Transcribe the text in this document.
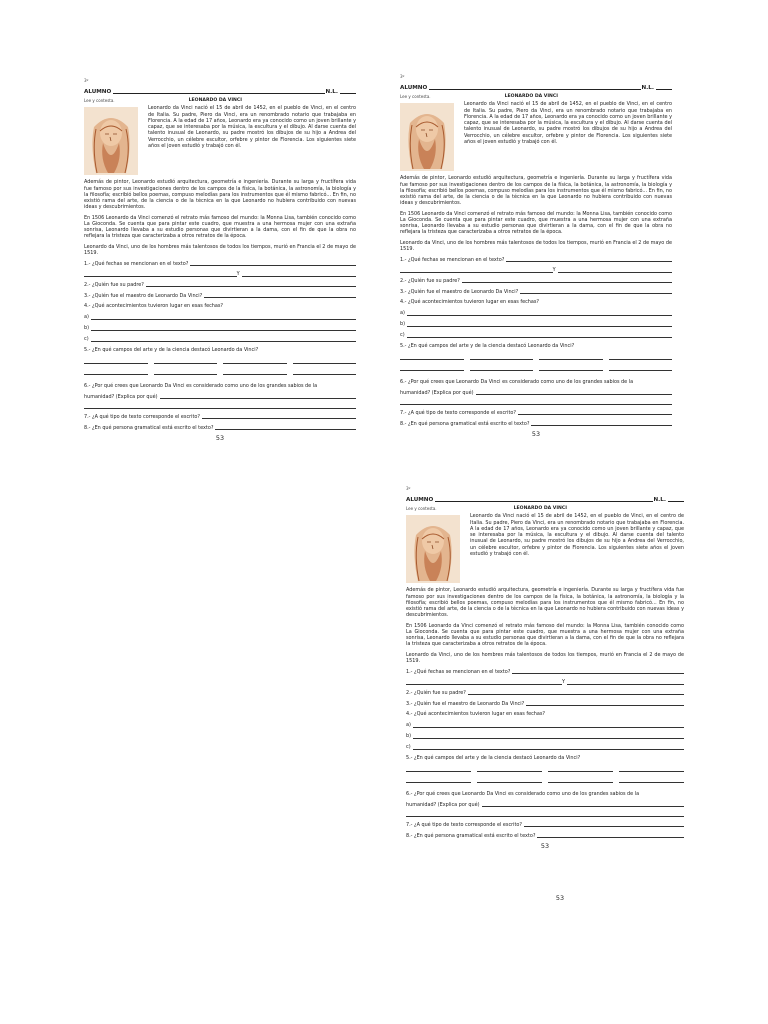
3º
ALUMNO	N.L.
Lee y contesta.	LEONARDO DA VINCI

Leonardo da Vinci nació el 15 de abril de 1452, en el pueblo de Vinci, en el centro de Italia. Su padre, Piero da Vinci, era un renombrado notario que trabajaba en Florencia. A la edad de 17 años, Leonardo era ya conocido como un joven brillante y capaz, que se interesaba por la música, la escultura y el dibujo. Al darse cuenta del talento inusual de Leonardo, su padre mostró los dibujos de su hijo a Andrea del Verrocchio, un célebre escultor, orfebre y pintor de Florencia. Los siguientes siete años el joven estudió y trabajó con él.

Además de pintor, Leonardo estudió arquitectura, geometría e ingeniería. Durante su larga y fructífera vida fue famoso por sus investigaciones dentro de los campos de la física, la botánica, la astronomía, la biología y la filosofía; escribió bellos poemas, compuso melodías para los instrumentos que él mismo fabricó... En fin, no existió rama del arte, de la ciencia o de la técnica en la que Leonardo no hubiera contribuido con nuevas ideas y descubrimientos.

En 1506 Leonardo da Vinci comenzó el retrato más famoso del mundo: la Monna Lisa, también conocido como La Gioconda. Se cuenta que para pintar este cuadro, que muestra a una hermosa mujer con una extraña sonrisa, Leonardo llevaba a su estudio personas que divirtieran a la dama, con el fin de que la obra no reflejara la tristeza que caracterizaba a otros retratos de la época.

Leonardo da Vinci, uno de los hombres más talentosos de todos los tiempos, murió en Francia el 2 de mayo de 1519.

1.- ¿Qué fechas se mencionan en el texto?
Y
2.- ¿Quién fue su padre?
3.- ¿Quién fue el maestro de Leonardo Da Vinci?
4.- ¿Qué acontecimientos tuvieron lugar en esas fechas?
a)
b)
c)
5.- ¿En qué campos del arte y de la ciencia destacó Leonardo da Vinci?
6.- ¿Por qué crees que Leonardo Da Vinci es considerado como uno de los grandes sabios de la
humanidad? (Explica por qué)
7.- ¿A qué tipo de texto corresponde el escrito?
8.- ¿En qué persona gramatical está escrito el texto?
53
3º
ALUMNO	N.L.
Lee y contesta.	LEONARDO DA VINCI

Leonardo da Vinci nació el 15 de abril de 1452, en el pueblo de Vinci, en el centro de Italia. Su padre, Piero da Vinci, era un renombrado notario que trabajaba en Florencia. A la edad de 17 años, Leonardo era ya conocido como un joven brillante y capaz, que se interesaba por la música, la escultura y el dibujo. Al darse cuenta del talento inusual de Leonardo, su padre mostró los dibujos de su hijo a Andrea del Verrocchio, un célebre escultor, orfebre y pintor de Florencia. Los siguientes siete años el joven estudió y trabajó con él.

Además de pintor, Leonardo estudió arquitectura, geometría e ingeniería. Durante su larga y fructífera vida fue famoso por sus investigaciones dentro de los campos de la física, la botánica, la astronomía, la biología y la filosofía; escribió bellos poemas, compuso melodías para los instrumentos que él mismo fabricó... En fin, no existió rama del arte, de la ciencia o de la técnica en la que Leonardo no hubiera contribuido con nuevas ideas y descubrimientos.

En 1506 Leonardo da Vinci comenzó el retrato más famoso del mundo: la Monna Lisa, también conocido como La Gioconda. Se cuenta que para pintar este cuadro, que muestra a una hermosa mujer con una extraña sonrisa, Leonardo llevaba a su estudio personas que divirtieran a la dama, con el fin de que la obra no reflejara la tristeza que caracterizaba a otros retratos de la época.

Leonardo da Vinci, uno de los hombres más talentosos de todos los tiempos, murió en Francia el 2 de mayo de 1519.

1.- ¿Qué fechas se mencionan en el texto?
Y
2.- ¿Quién fue su padre?
3.- ¿Quién fue el maestro de Leonardo Da Vinci?
4.- ¿Qué acontecimientos tuvieron lugar en esas fechas?
a)
b)
c)
5.- ¿En qué campos del arte y de la ciencia destacó Leonardo da Vinci?
6.- ¿Por qué crees que Leonardo Da Vinci es considerado como uno de los grandes sabios de la
humanidad? (Explica por qué)
7.- ¿A qué tipo de texto corresponde el escrito?
8.- ¿En qué persona gramatical está escrito el texto?
53
3º
ALUMNO	N.L.
Lee y contesta.	LEONARDO DA VINCI

Leonardo da Vinci nació el 15 de abril de 1452, en el pueblo de Vinci, en el centro de Italia. Su padre, Piero da Vinci, era un renombrado notario que trabajaba en Florencia. A la edad de 17 años, Leonardo era ya conocido como un joven brillante y capaz, que se interesaba por la música, la escultura y el dibujo. Al darse cuenta del talento inusual de Leonardo, su padre mostró los dibujos de su hijo a Andrea del Verrocchio, un célebre escultor, orfebre y pintor de Florencia. Los siguientes siete años el joven estudió y trabajó con él.

Además de pintor, Leonardo estudió arquitectura, geometría e ingeniería. Durante su larga y fructífera vida fue famoso por sus investigaciones dentro de los campos de la física, la botánica, la astronomía, la biología y la filosofía; escribió bellos poemas, compuso melodías para los instrumentos que él mismo fabricó... En fin, no existió rama del arte, de la ciencia o de la técnica en la que Leonardo no hubiera contribuido con nuevas ideas y descubrimientos.

En 1506 Leonardo da Vinci comenzó el retrato más famoso del mundo: la Monna Lisa, también conocido como La Gioconda. Se cuenta que para pintar este cuadro, que muestra a una hermosa mujer con una extraña sonrisa, Leonardo llevaba a su estudio personas que divirtieran a la dama, con el fin de que la obra no reflejara la tristeza que caracterizaba a otros retratos de la época.

Leonardo da Vinci, uno de los hombres más talentosos de todos los tiempos, murió en Francia el 2 de mayo de 1519.

1.- ¿Qué fechas se mencionan en el texto?
Y
2.- ¿Quién fue su padre?
3.- ¿Quién fue el maestro de Leonardo Da Vinci?
4.- ¿Qué acontecimientos tuvieron lugar en esas fechas?
a)
b)
c)
5.- ¿En qué campos del arte y de la ciencia destacó Leonardo da Vinci?
6.- ¿Por qué crees que Leonardo Da Vinci es considerado como uno de los grandes sabios de la
humanidad? (Explica por qué)
7.- ¿A qué tipo de texto corresponde el escrito?
8.- ¿En qué persona gramatical está escrito el texto?
53
53
